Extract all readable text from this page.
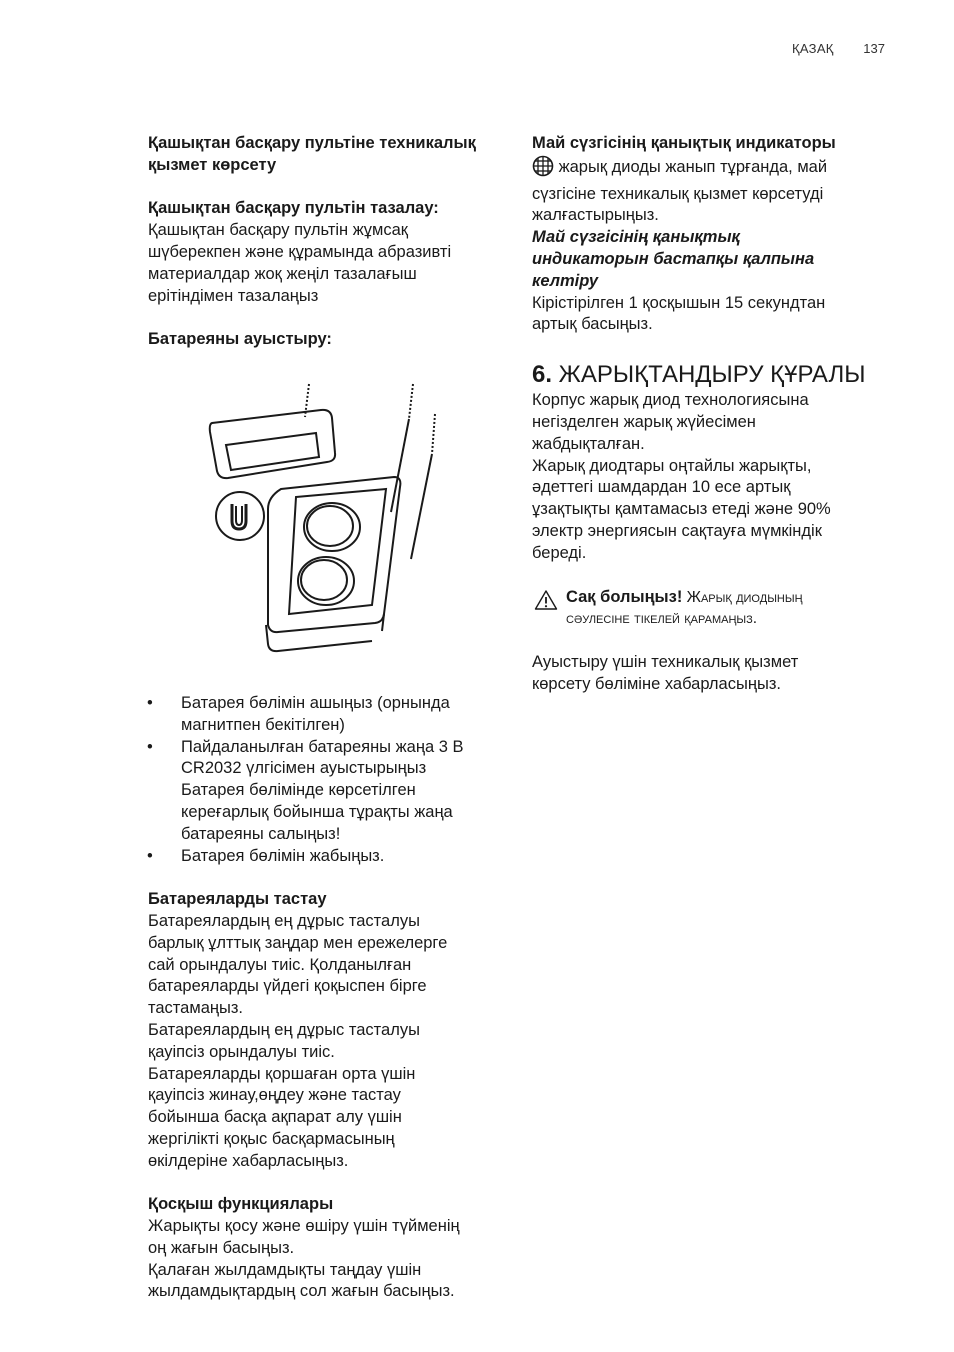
ҚАЗАҚ 137

Қашықтан басқару пультіне техникалық қызмет көрсету

Қашықтан басқару пультін тазалау:

Қашықтан басқару пультін жұмсақ

шүберекпен және құрамында абразивті

материалдар жоқ жеңіл тазалағыш

ерітіндімен тазалаңыз

Батареяны ауыстыру:

• Батарея бөлімін ашыңыз (орнында
магнитпен бекітілген)
• Пайдаланылған батареяны жаңа 3 В
CR2032 үлгісімен ауыстырыңыз
Батарея бөлімінде көрсетілген
кереғарлық бойынша тұрақты жаңа
батареяны салыңыз!
• Батарея бөлімін жабыңыз.

Батареяларды тастау

Батареялардың ең дұрыс тасталуы

барлық ұлттық заңдар мен ережелерге

сай орындалуы тиіс. Қолданылған

батареяларды үйдегі қоқыспен бірге

тастамаңыз.

Батареялардың ең дұрыс тасталуы

қауіпсіз орындалуы тиіс.

Батареяларды қоршаған орта үшін

қауіпсіз жинау,өңдеу және тастау

бойынша басқа ақпарат алу үшін

жергілікті қоқыс басқармасының

өкілдеріне хабарласыңыз.

Қосқыш функциялары

Жарықты қосу және өшіру үшін түйменің

оң жағын басыңыз.

Қалаған жылдамдықты таңдау үшін

жылдамдықтардың сол жағын басыңыз.

Май сүзгісінің қанықтық индикаторы

жарық диоды жанып тұрғанда, май

сүзгісіне техникалық қызмет көрсетуді

жалғастырыңыз.

Май сүзгісінің қанықтық

индикаторын бастапқы қалпына

келтіру

Кірістірілген 1 қосқышын 15 секундтан

артық басыңыз.

6. ЖАРЫҚТАНДЫРУ ҚҰРАЛЫ

Корпус жарық диод технологиясына

негізделген жарық жүйесімен

жабдықталған.

Жарық диодтары оңтайлы жарықты,

әдеттегі шамдардан 10 есе артық

ұзақтықты қамтамасыз етеді және 90%

электр энергиясын сақтауға мүмкіндік

береді.

Сақ болыңыз! Жарық диодының

сәулесіне тікелей қарамаңыз.

Ауыстыру үшін техникалық қызмет

көрсету бөліміне хабарласыңыз.
